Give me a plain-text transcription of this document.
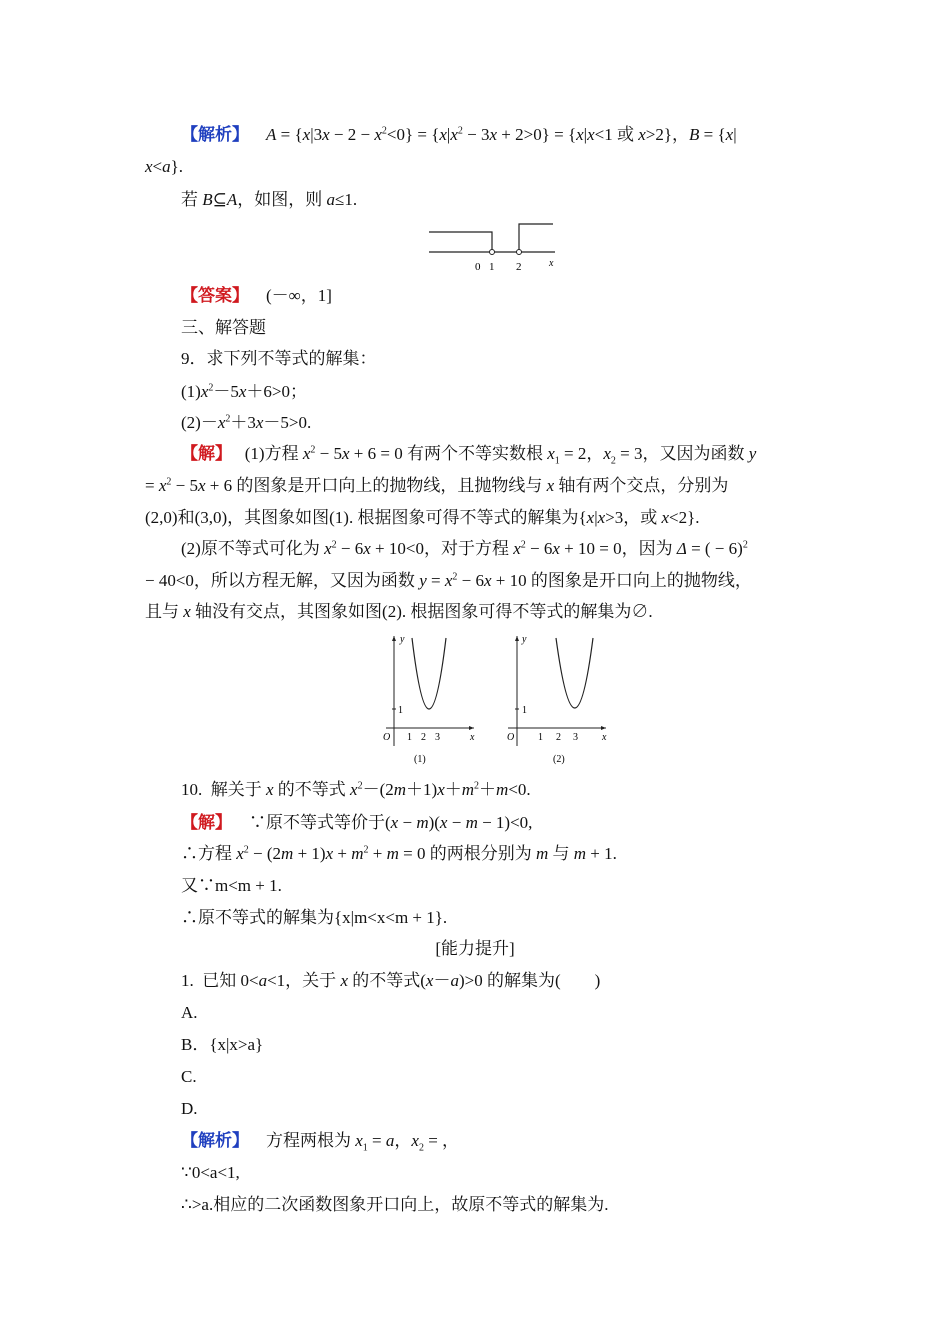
【解析】 $A = \{x|3x - 2 - x^2<0\} = \{x|x^2 - 3x + 2>0\} = \{x|x<1$ 或 x>2}，B = {x|
x<a}.
若 B⊆A，如图，则 a≤1.
0 1 2	x
【答案】 (－∞，1]
三、解答题
9．求下列不等式的解集：
$(1)x^2-5x+6>0$；
$(2)-x^2+3x-5>0$.
【解】   (1)方程 $x^2 - 5x + 6 = 0$ 有两个不等实数根 $x_1 = 2$，$x_2 = 3$，又因为函数 y
= $x^2 - 5x + 6$ 的图象是开口向上的抛物线，且抛物线与 x 轴有两个交点，分别为
(2,0)和(3,0)，其图象如图(1). 根据图象可得不等式的解集为{x|x>3，或 x<2}.
(2)原不等式可化为 $x^2 - 6x + 10<0$，对于方程 $x^2 - 6x + 10 = 0$，因为 Δ = ( − 6)$^2$
− 40<0，所以方程无解，又因为函数 $y = x^2 - 6x + 10$ 的图象是开口向上的抛物线，
且与 x 轴没有交点，其图象如图(2). 根据图象可得不等式的解集为∅.
y
x
O
1
1 2 3
(1)
y
x
O
1
1 2 3
(2)
10.  解关于 x 的不等式 $x^2-(2m+1)x+m^2+m<0$.
【解】    ∵原不等式等价于(x − m)(x − m − 1)<0,
∴方程 $x^2 - (2m + 1)x + m^2 + m = 0$ 的两根分别为 m 与 m + 1.
又∵m<m + 1.
∴原不等式的解集为{x|m<x<m + 1}.
[能力提升]
1.  已知 0<a<1，关于 x 的不等式(x－a)>0 的解集为(　　)
A.
B．{x|x>a}
C.
D.
【解析】    方程两根为 $x_1 = a$，$x_2$ = ，
∵0<a<1,
∴>a.相应的二次函数图象开口向上，故原不等式的解集为.
